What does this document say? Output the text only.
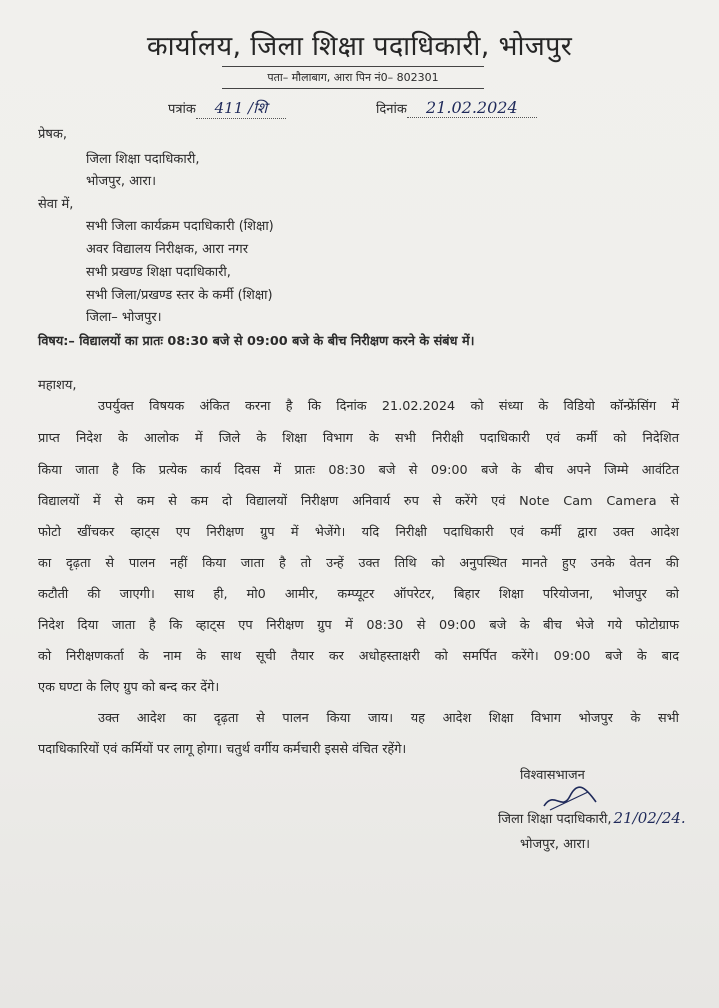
कार्यालय, जिला शिक्षा पदाधिकारी, भोजपुर
पता– मौलाबाग, आरा पिन नं0– 802301
पत्रांक 411 /शि	दिनांक 21.02.2024
प्रेषक,
जिला शिक्षा पदाधिकारी,
भोजपुर, आरा।
सेवा में,
सभी जिला कार्यक्रम पदाधिकारी (शिक्षा)
अवर विद्यालय निरीक्षक, आरा नगर
सभी प्रखण्ड शिक्षा पदाधिकारी,
सभी जिला/प्रखण्ड स्तर के कर्मी (शिक्षा)
जिला– भोजपुर।
विषय:– विद्यालयों का प्रातः 08:30 बजे से 09:00 बजे के बीच निरीक्षण करने के संबंध में।
महाशय,
उपर्युक्त विषयक अंकित करना है कि दिनांक 21.02.2024 को संध्या के विडियो कॉन्फ्रेंसिंग में
प्राप्त निदेश के आलोक में जिले के शिक्षा विभाग के सभी निरीक्षी पदाधिकारी एवं कर्मी को निदेशित
किया जाता है कि प्रत्येक कार्य दिवस में प्रातः 08:30 बजे से 09:00 बजे के बीच अपने जिम्मे आवंटित
विद्यालयों में से कम से कम दो विद्यालयों निरीक्षण अनिवार्य रुप से करेंगे एवं Note Cam Camera से
फोटो खींचकर व्हाट्स एप निरीक्षण ग्रुप में भेजेंगे। यदि निरीक्षी पदाधिकारी एवं कर्मी द्वारा उक्त आदेश
का दृढ़ता से पालन नहीं किया जाता है तो उन्हें उक्त तिथि को अनुपस्थित मानते हुए उनके वेतन की
कटौती की जाएगी। साथ ही, मो0 आमीर, कम्प्यूटर ऑपरेटर, बिहार शिक्षा परियोजना, भोजपुर को
निदेश दिया जाता है कि व्हाट्स एप निरीक्षण ग्रुप में 08:30 से 09:00 बजे के बीच भेजे गये फोटोग्राफ
को निरीक्षणकर्ता के नाम के साथ सूची तैयार कर अधोहस्ताक्षरी को समर्पित करेंगे। 09:00 बजे के बाद
एक घण्टा के लिए ग्रुप को बन्द कर देंगे।
उक्त आदेश का दृढ़ता से पालन किया जाय। यह आदेश शिक्षा विभाग भोजपुर के सभी
पदाधिकारियों एवं कर्मियों पर लागू होगा। चतुर्थ वर्गीय कर्मचारी इससे वंचित रहेंगे।
विश्वासभाजन
जिला शिक्षा पदाधिकारी, 21/02/24.
भोजपुर, आरा।
